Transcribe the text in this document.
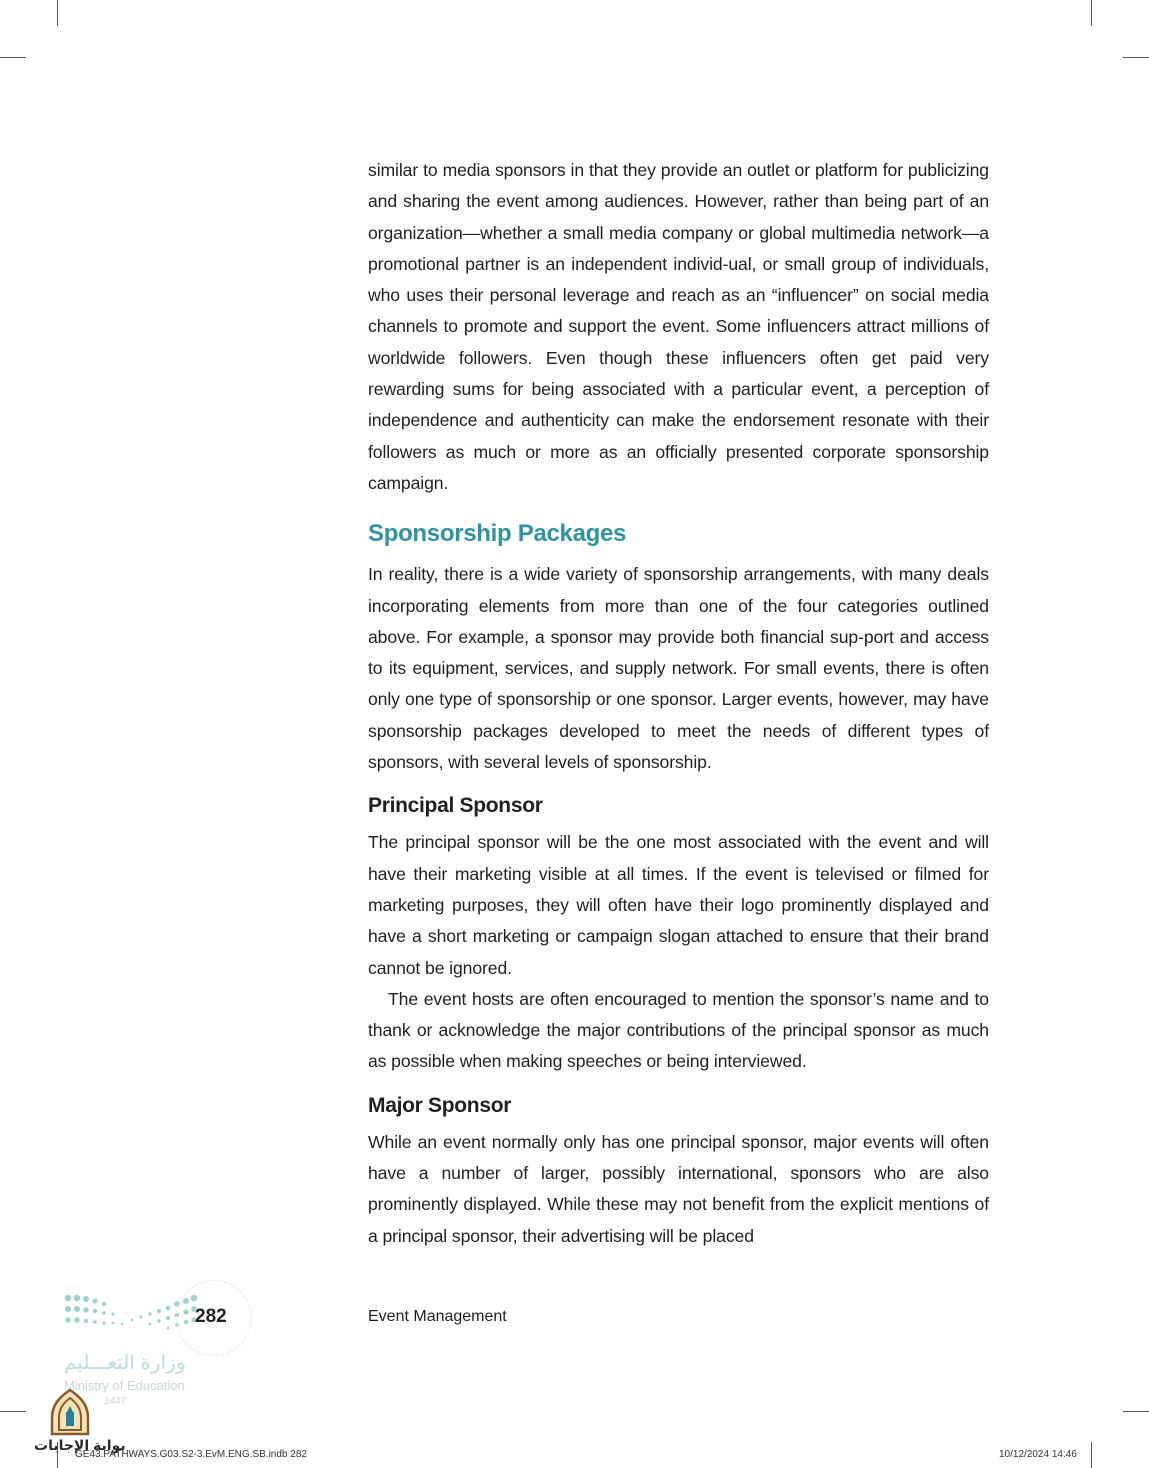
similar to media sponsors in that they provide an outlet or platform for publicizing and sharing the event among audiences. However, rather than being part of an organization—whether a small media company or global multimedia network—a promotional partner is an independent individ-ual, or small group of individuals, who uses their personal leverage and reach as an “influencer” on social media channels to promote and support the event. Some influencers attract millions of worldwide followers. Even though these influencers often get paid very rewarding sums for being associated with a particular event, a perception of independence and authenticity can make the endorsement resonate with their followers as much or more as an officially presented corporate sponsorship campaign.

Sponsorship Packages

In reality, there is a wide variety of sponsorship arrangements, with many deals incorporating elements from more than one of the four categories outlined above. For example, a sponsor may provide both financial sup-port and access to its equipment, services, and supply network. For small events, there is often only one type of sponsorship or one sponsor. Larger events, however, may have sponsorship packages developed to meet the needs of different types of sponsors, with several levels of sponsorship.

Principal Sponsor

The principal sponsor will be the one most associated with the event and will have their marketing visible at all times. If the event is televised or filmed for marketing purposes, they will often have their logo prominently displayed and have a short marketing or campaign slogan attached to ensure that their brand cannot be ignored.

The event hosts are often encouraged to mention the sponsor’s name and to thank or acknowledge the major contributions of the principal sponsor as much as possible when making speeches or being interviewed.

Major Sponsor

While an event normally only has one principal sponsor, major events will often have a number of larger, possibly international, sponsors who are also prominently displayed. While these may not benefit from the explicit mentions of a principal sponsor, their advertising will be placed

282	Event Management
وزارة التعـــليم
Ministry of Education
1447
بوابة الإجابات
GE43.PATHWAYS.G03.S2-3.EvM.ENG.SB.indb 282	10/12/2024 14:46
